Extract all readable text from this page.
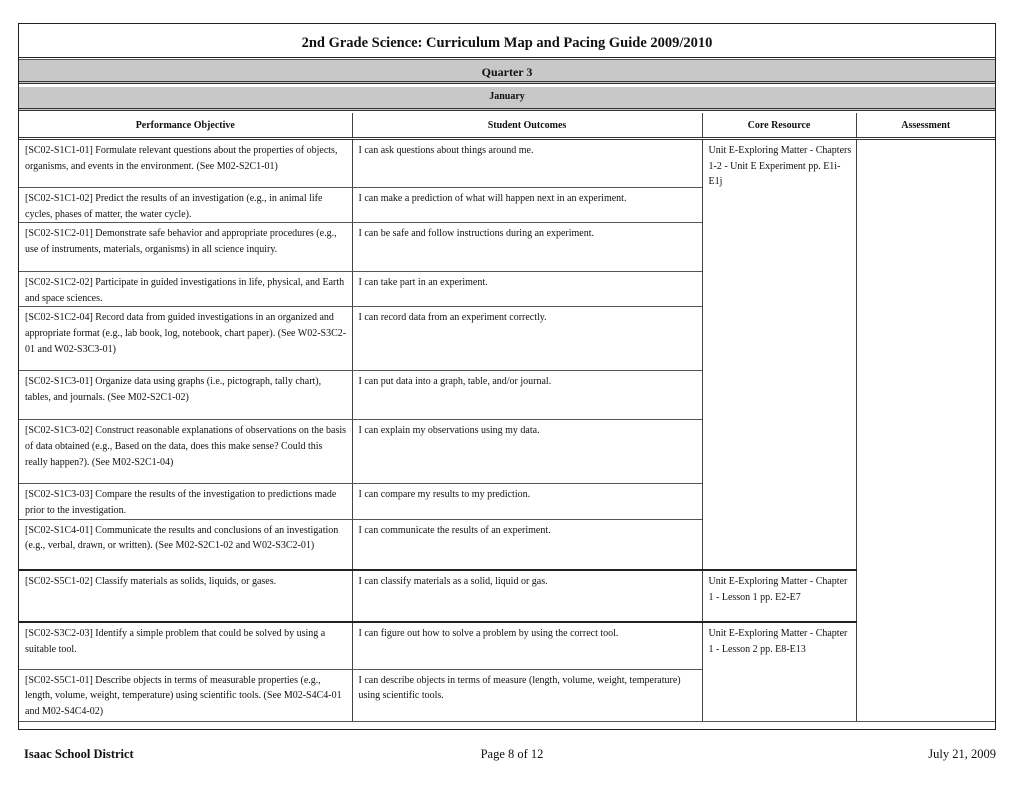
2nd Grade Science: Curriculum Map and Pacing Guide 2009/2010
Quarter 3
January
Performance Objective	Student Outcomes	Core Resource	Assessment
[SC02-S1C1-01] Formulate relevant questions about the properties of objects, organisms, and events in the environment. (See M02-S2C1-01)	I can ask questions about things around me.	Unit E-Exploring Matter - Chapters 1-2 - Unit E Experiment pp. E1i-E1j	
[SC02-S1C1-02] Predict the results of an investigation (e.g., in animal life cycles, phases of matter, the water cycle).	I can make a prediction of what will happen next in an experiment.		
[SC02-S1C2-01] Demonstrate safe behavior and appropriate procedures (e.g., use of instruments, materials, organisms) in all science inquiry.	I can be safe and follow instructions during an experiment.		
[SC02-S1C2-02] Participate in guided investigations in life, physical, and Earth and space sciences.	I can take part in an experiment.		
[SC02-S1C2-04] Record data from guided investigations in an organized and appropriate format (e.g., lab book, log, notebook, chart paper). (See W02-S3C2-01 and W02-S3C3-01)	I can record data from an experiment correctly.		
[SC02-S1C3-01] Organize data using graphs (i.e., pictograph, tally chart), tables, and journals. (See M02-S2C1-02)	I can put data into a graph, table, and/or journal.		
[SC02-S1C3-02] Construct reasonable explanations of observations on the basis of data obtained (e.g., Based on the data, does this make sense? Could this really happen?). (See M02-S2C1-04)	I can explain my observations using my data.		
[SC02-S1C3-03] Compare the results of the investigation to predictions made prior to the investigation.	I can compare my results to my prediction.		
[SC02-S1C4-01] Communicate the results and conclusions of an investigation (e.g., verbal, drawn, or written). (See M02-S2C1-02 and W02-S3C2-01)	I can communicate the results of an experiment.		
[SC02-S5C1-02] Classify materials as solids, liquids, or gases.	I can classify materials as a solid, liquid or gas.	Unit E-Exploring Matter - Chapter 1 - Lesson 1 pp. E2-E7	
[SC02-S3C2-03] Identify a simple problem that could be solved by using a suitable tool.	I can figure out how to solve a problem by using the correct tool.	Unit E-Exploring Matter - Chapter 1 - Lesson 2 pp. E8-E13	
[SC02-S5C1-01] Describe objects in terms of measurable properties (e.g., length, volume, weight, temperature) using scientific tools. (See M02-S4C4-01 and M02-S4C4-02)	I can describe objects in terms of measure (length, volume, weight, temperature) using scientific tools.		
Isaac School District	Page 8 of 12	July 21, 2009
